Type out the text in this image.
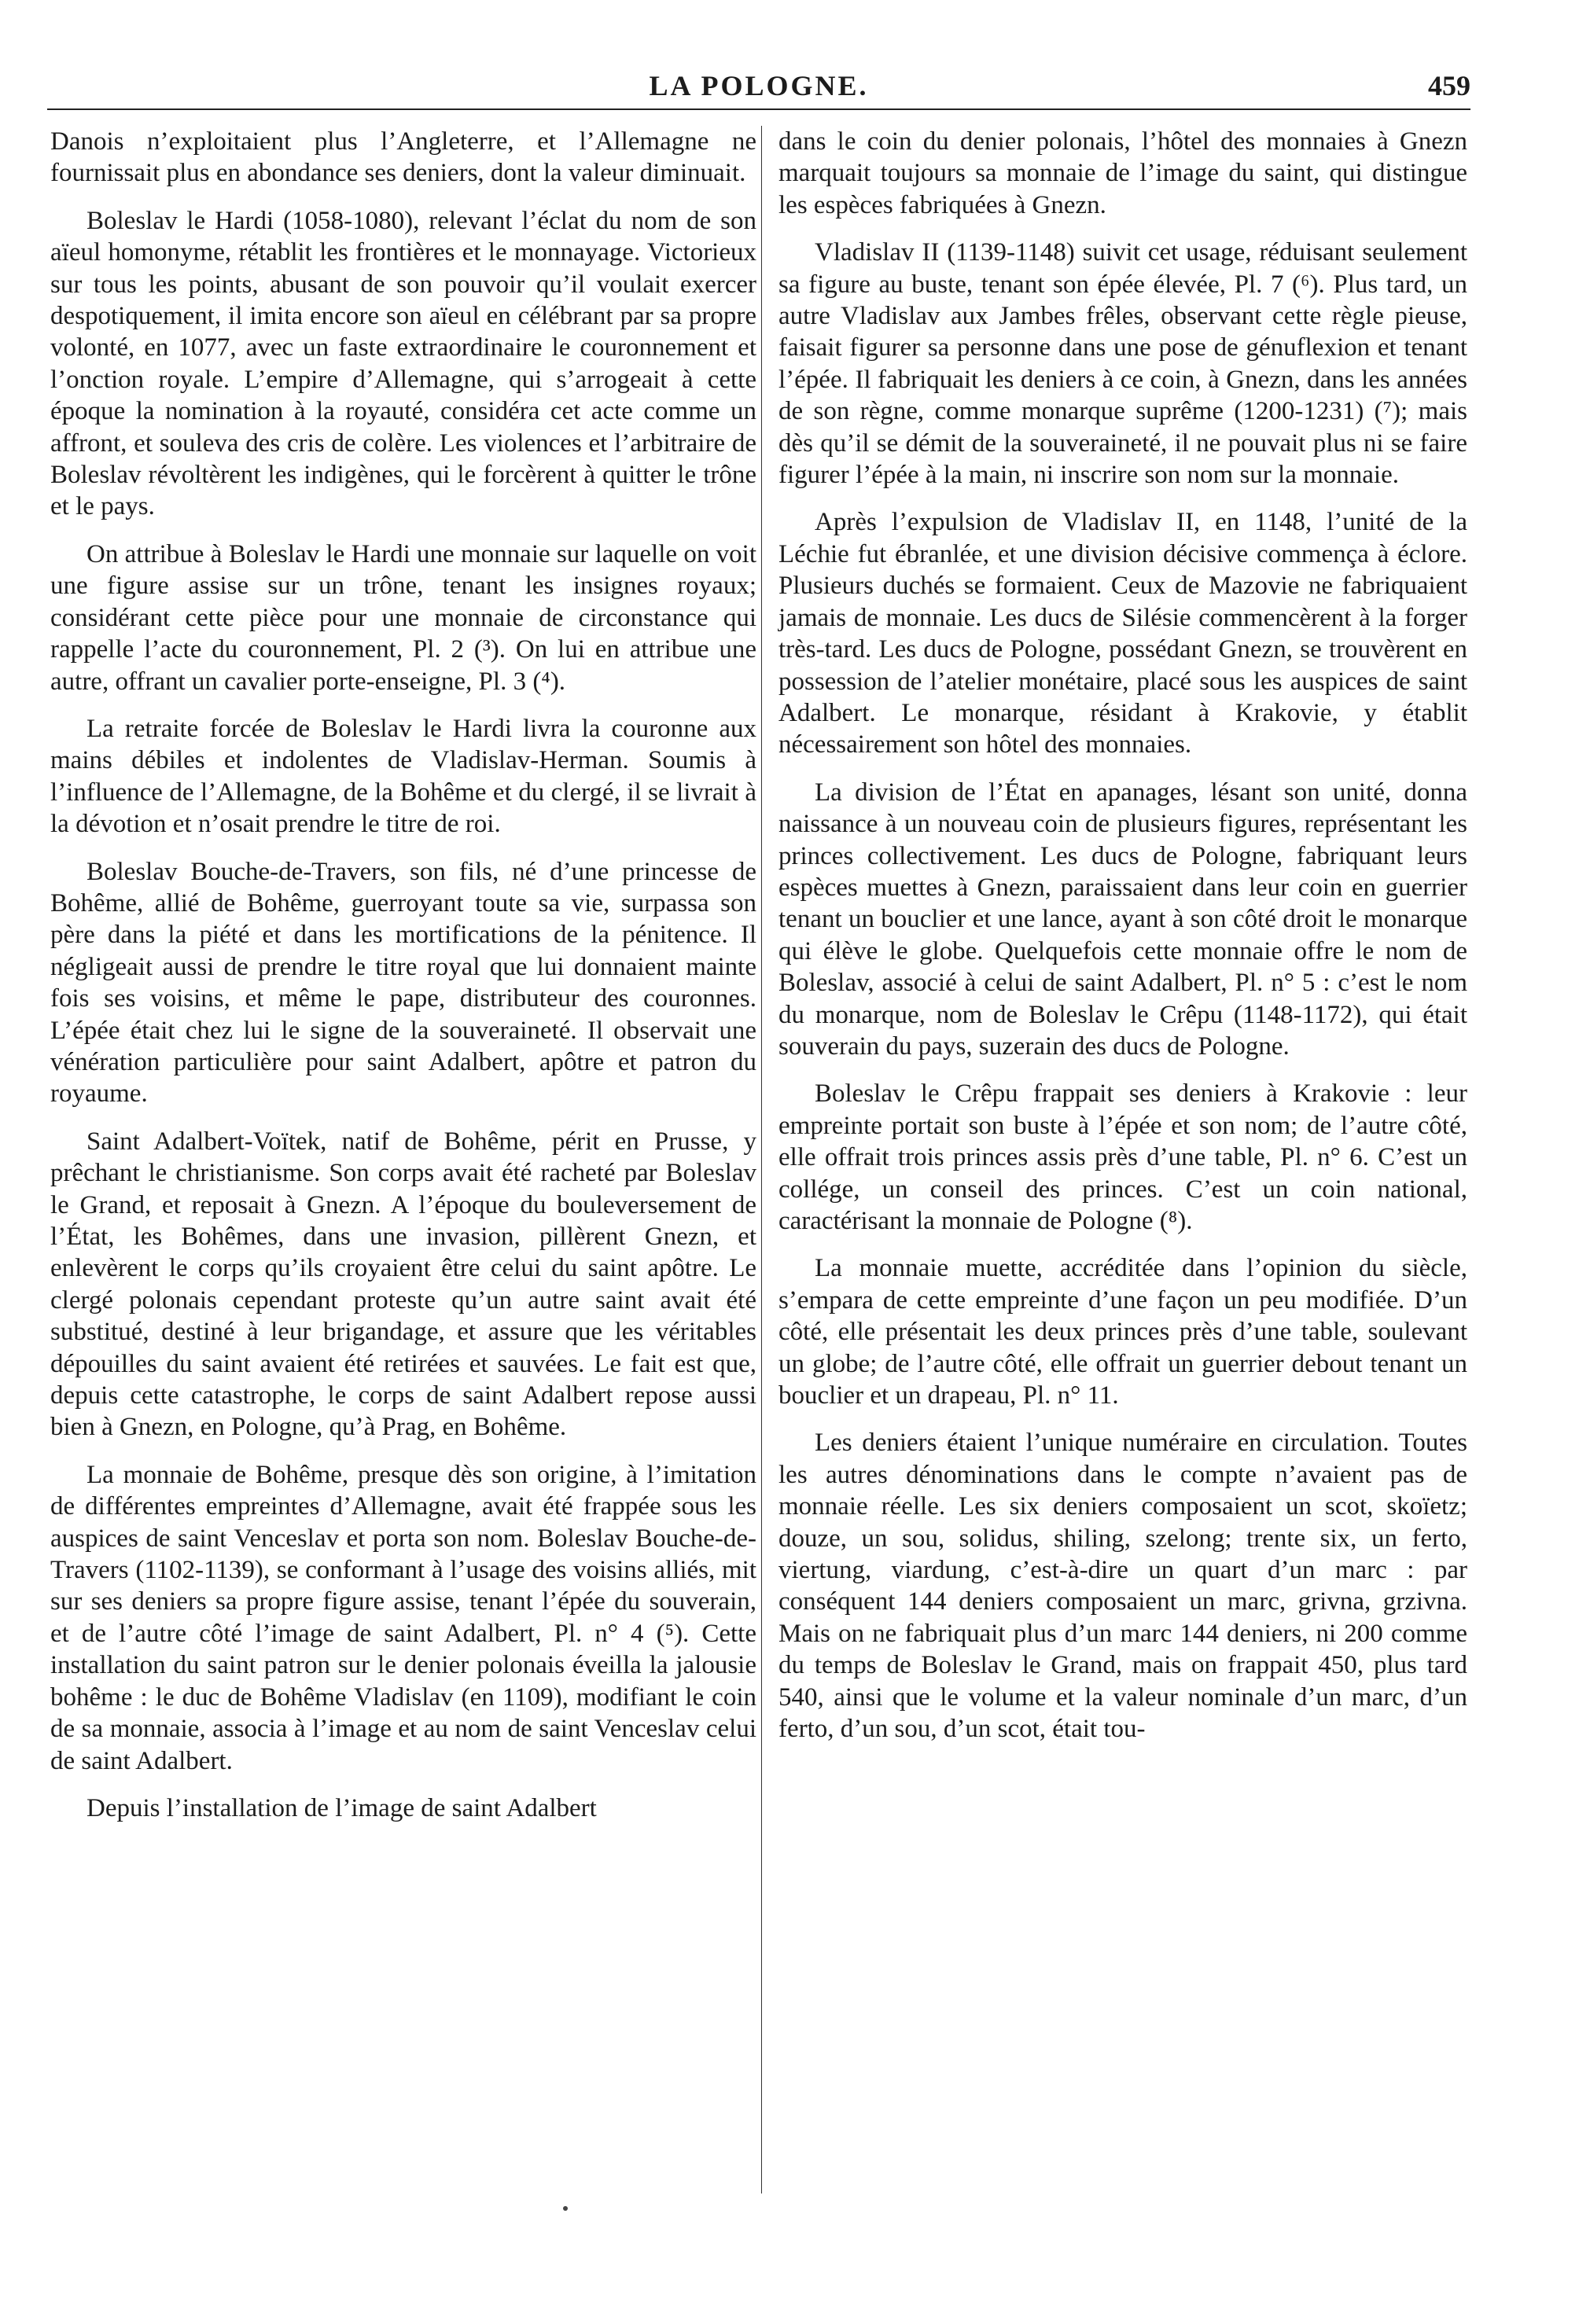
LA POLOGNE.	459

Danois n’exploitaient plus l’Angleterre, et l’Allemagne ne fournissait plus en abondance ses deniers, dont la valeur diminuait.

Boleslav le Hardi (1058-1080), relevant l’éclat du nom de son aïeul homonyme, rétablit les frontières et le monnayage. Victorieux sur tous les points, abusant de son pouvoir qu’il voulait exercer despotiquement, il imita encore son aïeul en célébrant par sa propre volonté, en 1077, avec un faste extraordinaire le couronnement et l’onction royale. L’empire d’Allemagne, qui s’arrogeait à cette époque la nomination à la royauté, considéra cet acte comme un affront, et souleva des cris de colère. Les violences et l’arbitraire de Boleslav révoltèrent les indigènes, qui le forcèrent à quitter le trône et le pays.

On attribue à Boleslav le Hardi une monnaie sur laquelle on voit une figure assise sur un trône, tenant les insignes royaux; considérant cette pièce pour une monnaie de circonstance qui rappelle l’acte du couronnement, Pl. 2 (³). On lui en attribue une autre, offrant un cavalier porte-enseigne, Pl. 3 (⁴).

La retraite forcée de Boleslav le Hardi livra la couronne aux mains débiles et indolentes de Vladislav-Herman. Soumis à l’influence de l’Allemagne, de la Bohême et du clergé, il se livrait à la dévotion et n’osait prendre le titre de roi.

Boleslav Bouche-de-Travers, son fils, né d’une princesse de Bohême, allié de Bohême, guerroyant toute sa vie, surpassa son père dans la piété et dans les mortifications de la pénitence. Il négligeait aussi de prendre le titre royal que lui donnaient mainte fois ses voisins, et même le pape, distributeur des couronnes. L’épée était chez lui le signe de la souveraineté. Il observait une vénération particulière pour saint Adalbert, apôtre et patron du royaume.

Saint Adalbert-Voïtek, natif de Bohême, périt en Prusse, y prêchant le christianisme. Son corps avait été racheté par Boleslav le Grand, et reposait à Gnezn. A l’époque du bouleversement de l’État, les Bohêmes, dans une invasion, pillèrent Gnezn, et enlevèrent le corps qu’ils croyaient être celui du saint apôtre. Le clergé polonais cependant proteste qu’un autre saint avait été substitué, destiné à leur brigandage, et assure que les véritables dépouilles du saint avaient été retirées et sauvées. Le fait est que, depuis cette catastrophe, le corps de saint Adalbert repose aussi bien à Gnezn, en Pologne, qu’à Prag, en Bohême.

La monnaie de Bohême, presque dès son origine, à l’imitation de différentes empreintes d’Allemagne, avait été frappée sous les auspices de saint Venceslav et porta son nom. Boleslav Bouche-de-Travers (1102-1139), se conformant à l’usage des voisins alliés, mit sur ses deniers sa propre figure assise, tenant l’épée du souverain, et de l’autre côté l’image de saint Adalbert, Pl. n° 4 (⁵). Cette installation du saint patron sur le denier polonais éveilla la jalousie bohême : le duc de Bohême Vladislav (en 1109), modifiant le coin de sa monnaie, associa à l’image et au nom de saint Venceslav celui de saint Adalbert.

Depuis l’installation de l’image de saint Adalbert

dans le coin du denier polonais, l’hôtel des monnaies à Gnezn marquait toujours sa monnaie de l’image du saint, qui distingue les espèces fabriquées à Gnezn.

Vladislav II (1139-1148) suivit cet usage, réduisant seulement sa figure au buste, tenant son épée élevée, Pl. 7 (⁶). Plus tard, un autre Vladislav aux Jambes frêles, observant cette règle pieuse, faisait figurer sa personne dans une pose de génuflexion et tenant l’épée. Il fabriquait les deniers à ce coin, à Gnezn, dans les années de son règne, comme monarque suprême (1200-1231) (⁷); mais dès qu’il se démit de la souveraineté, il ne pouvait plus ni se faire figurer l’épée à la main, ni inscrire son nom sur la monnaie.

Après l’expulsion de Vladislav II, en 1148, l’unité de la Léchie fut ébranlée, et une division décisive commença à éclore. Plusieurs duchés se formaient. Ceux de Mazovie ne fabriquaient jamais de monnaie. Les ducs de Silésie commencèrent à la forger très-tard. Les ducs de Pologne, possédant Gnezn, se trouvèrent en possession de l’atelier monétaire, placé sous les auspices de saint Adalbert. Le monarque, résidant à Krakovie, y établit nécessairement son hôtel des monnaies.

La division de l’État en apanages, lésant son unité, donna naissance à un nouveau coin de plusieurs figures, représentant les princes collectivement. Les ducs de Pologne, fabriquant leurs espèces muettes à Gnezn, paraissaient dans leur coin en guerrier tenant un bouclier et une lance, ayant à son côté droit le monarque qui élève le globe. Quelquefois cette monnaie offre le nom de Boleslav, associé à celui de saint Adalbert, Pl. n° 5 : c’est le nom du monarque, nom de Boleslav le Crêpu (1148-1172), qui était souverain du pays, suzerain des ducs de Pologne.

Boleslav le Crêpu frappait ses deniers à Krakovie : leur empreinte portait son buste à l’épée et son nom; de l’autre côté, elle offrait trois princes assis près d’une table, Pl. n° 6. C’est un collége, un conseil des princes. C’est un coin national, caractérisant la monnaie de Pologne (⁸).

La monnaie muette, accréditée dans l’opinion du siècle, s’empara de cette empreinte d’une façon un peu modifiée. D’un côté, elle présentait les deux princes près d’une table, soulevant un globe; de l’autre côté, elle offrait un guerrier debout tenant un bouclier et un drapeau, Pl. n° 11.

Les deniers étaient l’unique numéraire en circulation. Toutes les autres dénominations dans le compte n’avaient pas de monnaie réelle. Les six deniers composaient un scot, skoïetz; douze, un sou, solidus, shiling, szelong; trente six, un ferto, viertung, viardung, c’est-à-dire un quart d’un marc : par conséquent 144 deniers composaient un marc, grivna, grzivna. Mais on ne fabriquait plus d’un marc 144 deniers, ni 200 comme du temps de Boleslav le Grand, mais on frappait 450, plus tard 540, ainsi que le volume et la valeur nominale d’un marc, d’un ferto, d’un sou, d’un scot, était tou-
